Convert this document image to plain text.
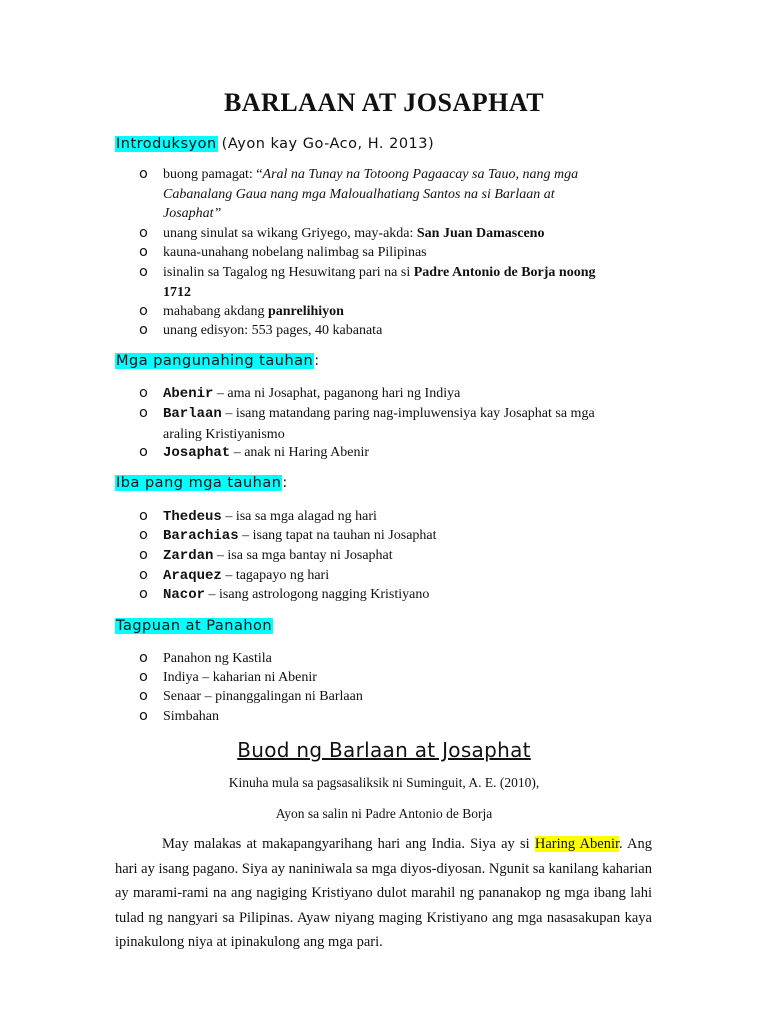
BARLAAN AT JOSAPHAT
Introduksyon (Ayon kay Go-Aco, H. 2013)
o buong pamagat: “Aral na Tunay na Totoong Pagaacay sa Tauo, nang mga
Cabanalang Gaua nang mga Maloualhatiang Santos na si Barlaan at
Josaphat”
o unang sinulat sa wikang Griyego, may-akda: San Juan Damasceno
o kauna-unahang nobelang nalimbag sa Pilipinas
o isinalin sa Tagalog ng Hesuwitang pari na si Padre Antonio de Borja noong
1712
o mahabang akdang panrelihiyon
o unang edisyon: 553 pages, 40 kabanata
Mga pangunahing tauhan:
o Abenir – ama ni Josaphat, paganong hari ng Indiya
o Barlaan – isang matandang paring nag-impluwensiya kay Josaphat sa mga
araling Kristiyanismo
o Josaphat – anak ni Haring Abenir
Iba pang mga tauhan:
o Thedeus – isa sa mga alagad ng hari
o Barachias – isang tapat na tauhan ni Josaphat
o Zardan – isa sa mga bantay ni Josaphat
o Araquez – tagapayo ng hari
o Nacor – isang astrologong nagging Kristiyano
Tagpuan at Panahon
o Panahon ng Kastila
o Indiya – kaharian ni Abenir
o Senaar – pinanggalingan ni Barlaan
o Simbahan
Buod ng Barlaan at Josaphat
Kinuha mula sa pagsasaliksik ni Suminguit, A. E. (2010),
Ayon sa salin ni Padre Antonio de Borja
May malakas at makapangyarihang hari ang India. Siya ay si Haring Abenir. Ang hari ay isang pagano. Siya ay naniniwala sa mga diyos-diyosan. Ngunit sa kanilang kaharian ay marami-rami na ang nagiging Kristiyano dulot marahil ng pananakop ng mga ibang lahi tulad ng nangyari sa Pilipinas. Ayaw niyang maging Kristiyano ang mga nasasakupan kaya ipinakulong niya at ipinakulong ang mga pari.
